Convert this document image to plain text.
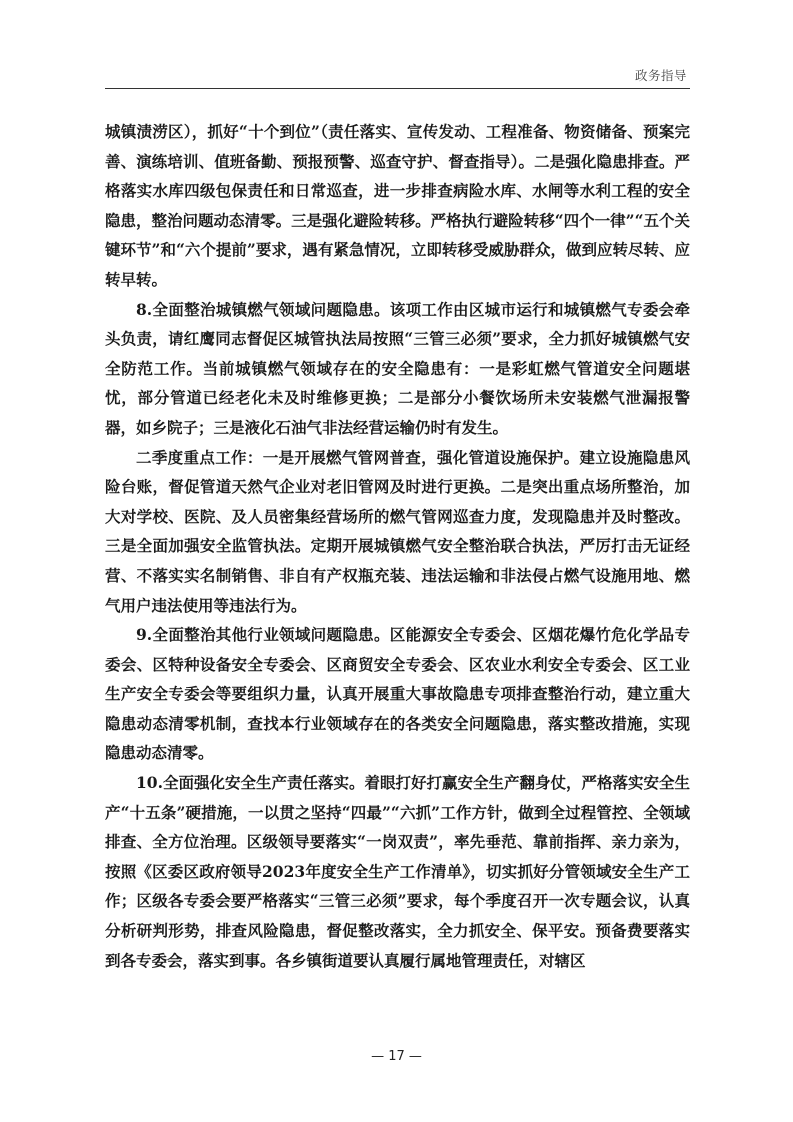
政务指导

城镇渍涝区），抓好“十个到位”（责任落实、宣传发动、工程准备、物资储备、预案完善、演练培训、值班备勤、预报预警、巡查守护、督查指导）。二是强化隐患排查。严格落实水库四级包保责任和日常巡查，进一步排查病险水库、水闸等水利工程的安全隐患，整治问题动态清零。三是强化避险转移。严格执行避险转移“四个一律”“五个关键环节”和“六个提前”要求，遇有紧急情况，立即转移受威胁群众，做到应转尽转、应转早转。

8.全面整治城镇燃气领域问题隐患。该项工作由区城市运行和城镇燃气专委会牵头负责，请红鹰同志督促区城管执法局按照“三管三必须”要求，全力抓好城镇燃气安全防范工作。当前城镇燃气领域存在的安全隐患有：一是彩虹燃气管道安全问题堪忧，部分管道已经老化未及时维修更换；二是部分小餐饮场所未安装燃气泄漏报警器，如乡院子；三是液化石油气非法经营运输仍时有发生。

二季度重点工作：一是开展燃气管网普查，强化管道设施保护。建立设施隐患风险台账，督促管道天然气企业对老旧管网及时进行更换。二是突出重点场所整治，加大对学校、医院、及人员密集经营场所的燃气管网巡查力度，发现隐患并及时整改。三是全面加强安全监管执法。定期开展城镇燃气安全整治联合执法，严厉打击无证经营、不落实实名制销售、非自有产权瓶充装、违法运输和非法侵占燃气设施用地、燃气用户违法使用等违法行为。

9.全面整治其他行业领域问题隐患。区能源安全专委会、区烟花爆竹危化学品专委会、区特种设备安全专委会、区商贸安全专委会、区农业水利安全专委会、区工业生产安全专委会等要组织力量，认真开展重大事故隐患专项排查整治行动，建立重大隐患动态清零机制，查找本行业领域存在的各类安全问题隐患，落实整改措施，实现隐患动态清零。

10.全面强化安全生产责任落实。着眼打好打赢安全生产翻身仗，严格落实安全生产“十五条”硬措施，一以贯之坚持“四最”“六抓”工作方针，做到全过程管控、全领域排查、全方位治理。区级领导要落实“一岗双责”，率先垂范、靠前指挥、亲力亲为，按照《区委区政府领导2023年度安全生产工作清单》，切实抓好分管领域安全生产工作；区级各专委会要严格落实“三管三必须”要求，每个季度召开一次专题会议，认真分析研判形势，排查风险隐患，督促整改落实，全力抓安全、保平安。预备费要落实到各专委会，落实到事。各乡镇街道要认真履行属地管理责任，对辖区

— 17 —
